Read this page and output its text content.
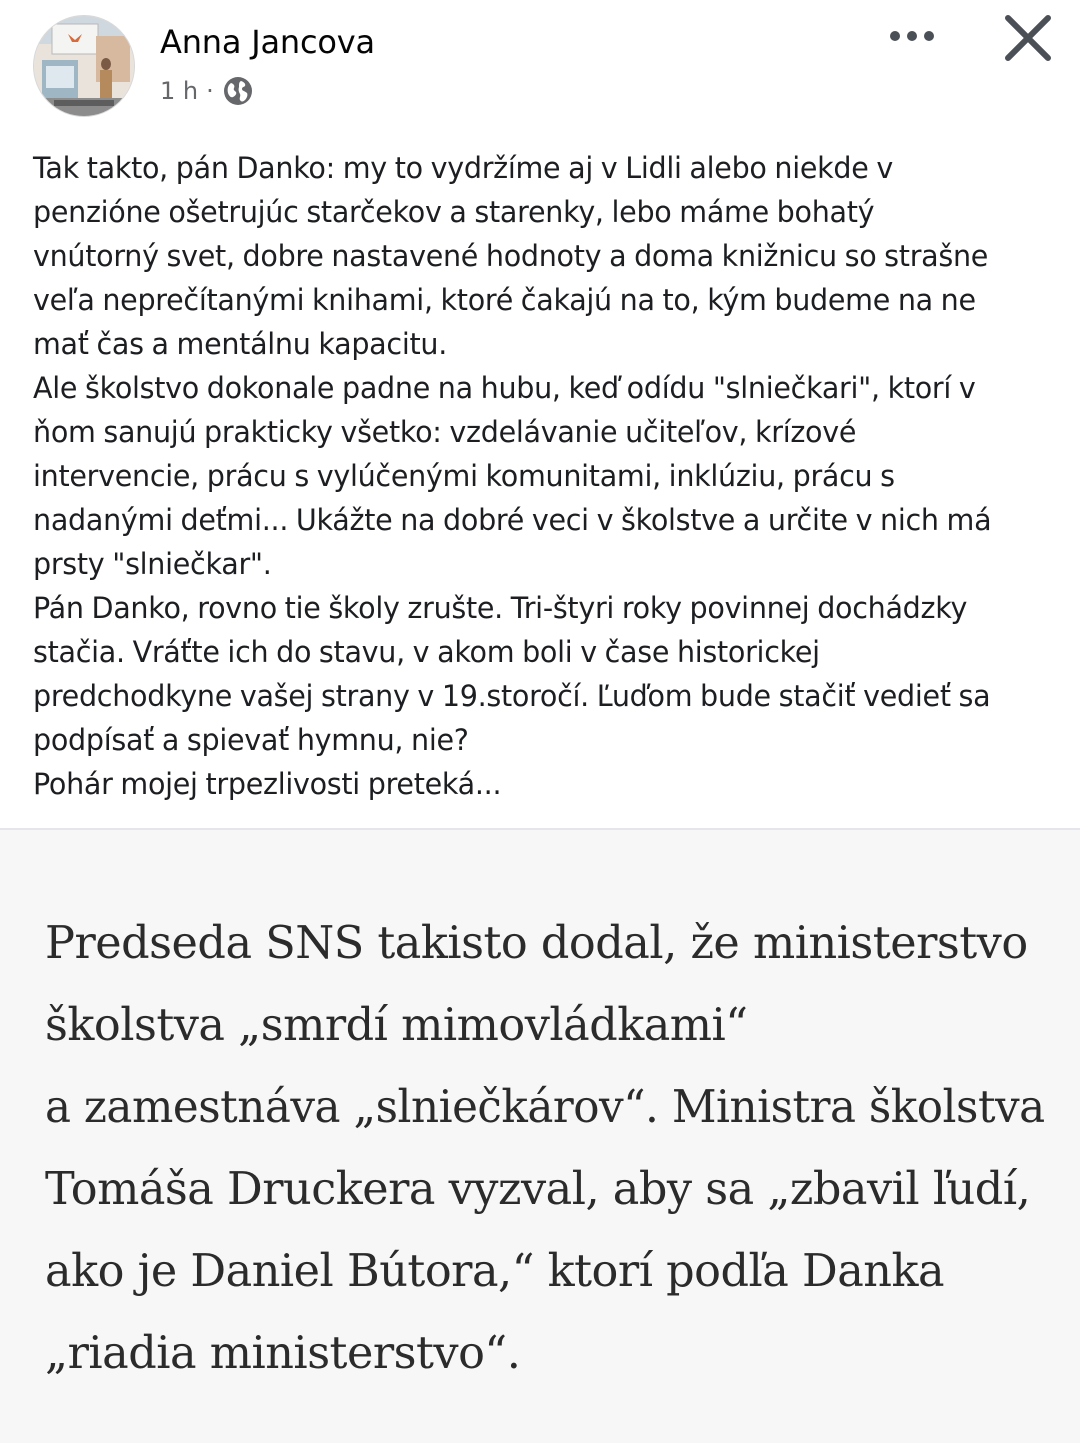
Anna Jancova
1 h ·

Tak takto, pán Danko: my to vydržíme aj v Lidli alebo niekde v

penzióne ošetrujúc starčekov a starenky, lebo máme bohatý

vnútorný svet, dobre nastavené hodnoty a doma knižnicu so strašne

veľa neprečítanými knihami, ktoré čakajú na to, kým budeme na ne

mať čas a mentálnu kapacitu.

Ale školstvo dokonale padne na hubu, keď odídu "slniečkari", ktorí v

ňom sanujú prakticky všetko: vzdelávanie učiteľov, krízové

intervencie, prácu s vylúčenými komunitami, inklúziu, prácu s

nadanými deťmi... Ukážte na dobré veci v školstve a určite v nich má

prsty "slniečkar".

Pán Danko, rovno tie školy zrušte. Tri-štyri roky povinnej dochádzky

stačia. Vráťte ich do stavu, v akom boli v čase historickej

predchodkyne vašej strany v 19.storočí. Ľuďom bude stačiť vedieť sa

podpísať a spievať hymnu, nie?

Pohár mojej trpezlivosti preteká...

Predseda SNS takisto dodal, že ministerstvo
školstva „smrdí mimovládkami“
a zamestnáva „slniečkárov“. Ministra školstva
Tomáša Druckera vyzval, aby sa „zbavil ľudí,
ako je Daniel Bútora,“ ktorí podľa Danka
„riadia ministerstvo“.
